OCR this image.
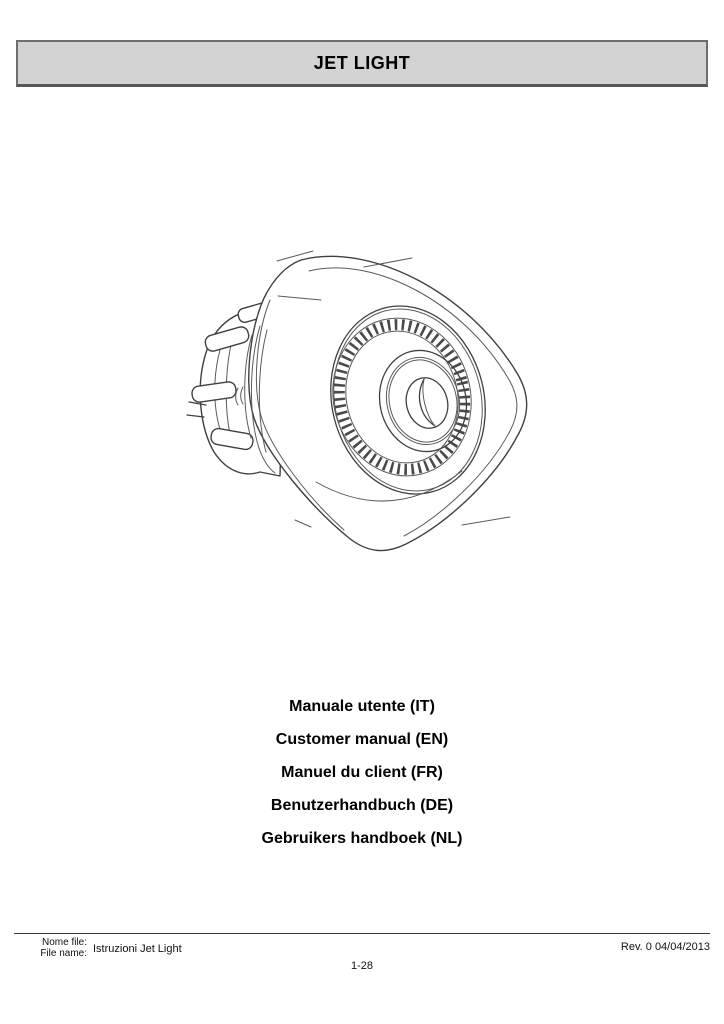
JET LIGHT
Manuale utente (IT)
Customer manual (EN)
Manuel du client (FR)
Benutzerhandbuch (DE)
Gebruikers handboek (NL)
Nome file:
File name: Istruzioni Jet Light	Rev. 0 04/04/2013
1-28
